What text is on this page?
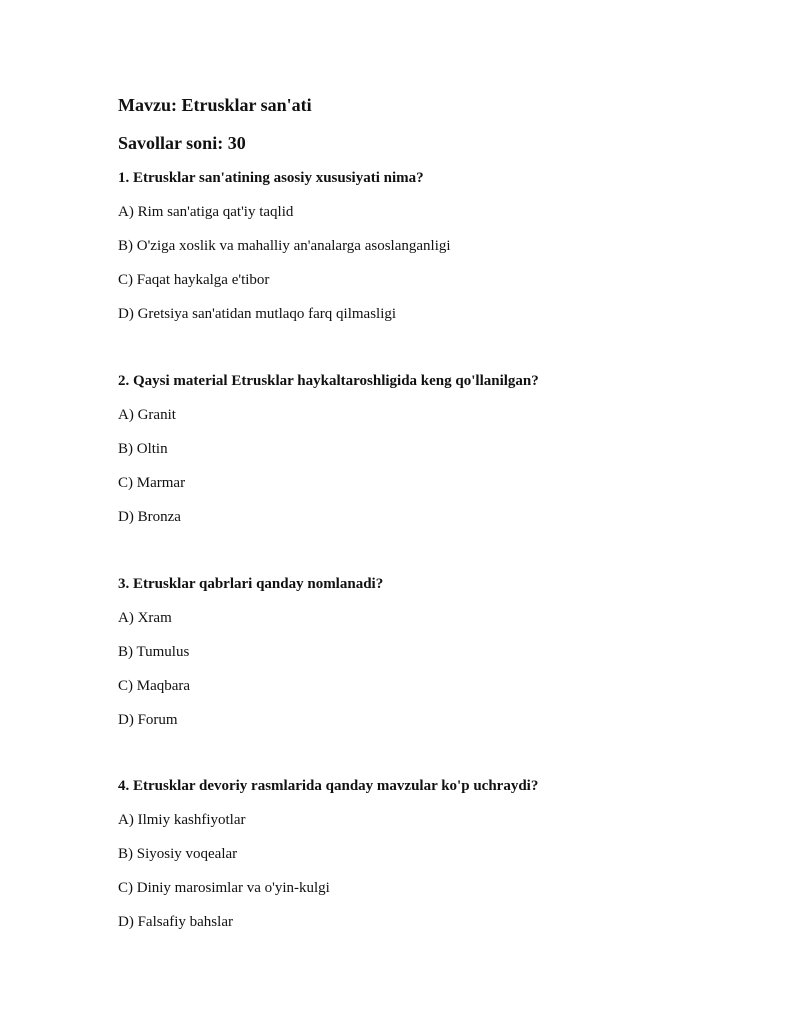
Mavzu: Etrusklar san'ati
Savollar soni: 30
1. Etrusklar san'atining asosiy xususiyati nima?
A) Rim san'atiga qat'iy taqlid
B) O'ziga xoslik va mahalliy an'analarga asoslanganligi
C) Faqat haykalga e'tibor
D) Gretsiya san'atidan mutlaqo farq qilmasligi
2. Qaysi material Etrusklar haykaltaroshligida keng qo'llanilgan?
A) Granit
B) Oltin
C) Marmar
D) Bronza
3. Etrusklar qabrlari qanday nomlanadi?
A) Xram
B) Tumulus
C) Maqbara
D) Forum
4. Etrusklar devoriy rasmlarida qanday mavzular ko'p uchraydi?
A) Ilmiy kashfiyotlar
B) Siyosiy voqealar
C) Diniy marosimlar va o'yin-kulgi
D) Falsafiy bahslar
